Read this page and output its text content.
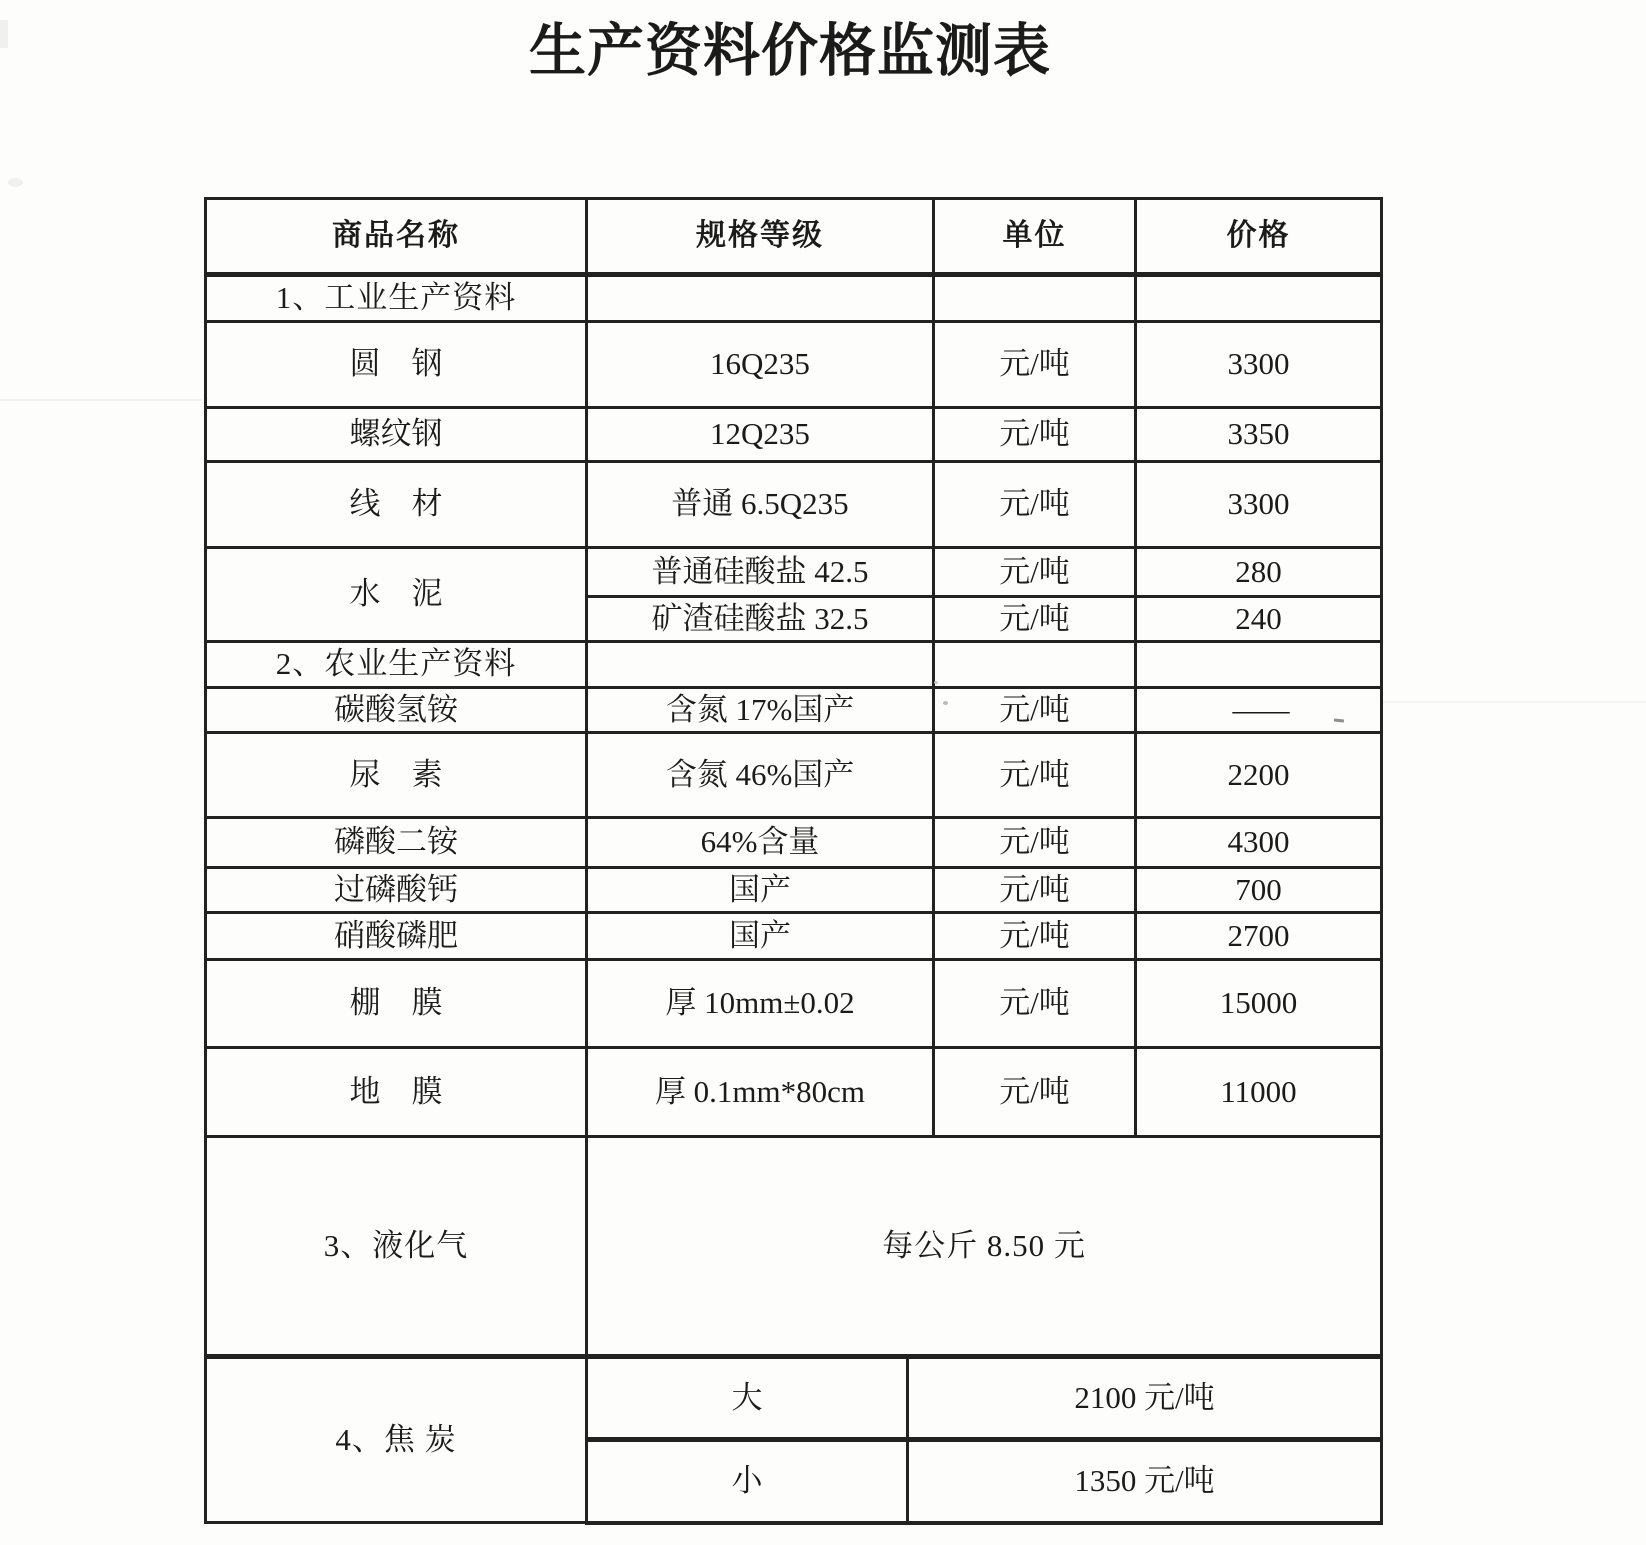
生产资料价格监测表
商品名称	规格等级		单位	价格
1、工业生产资料				
圆　钢	16Q235		元/吨	3300
螺纹钢	12Q235		元/吨	3350
线　材	普通 6.5Q235		元/吨	3300
水　泥	普通硅酸盐 42.5		元/吨	280
	矿渣硅酸盐 32.5		元/吨	240
2、农业生产资料				
碳酸氢铵	含氮 17%国产		元/吨	——
尿　素	含氮 46%国产		元/吨	2200
磷酸二铵	64%含量		元/吨	4300
过磷酸钙	国产		元/吨	700
硝酸磷肥	国产		元/吨	2700
棚　膜	厚 10mm±0.02		元/吨	15000
地　膜	厚 0.1mm*80cm		元/吨	11000
3、液化气	每公斤 8.50 元			
4、焦 炭	大	2100 元/吨		
	小	1350 元/吨		
